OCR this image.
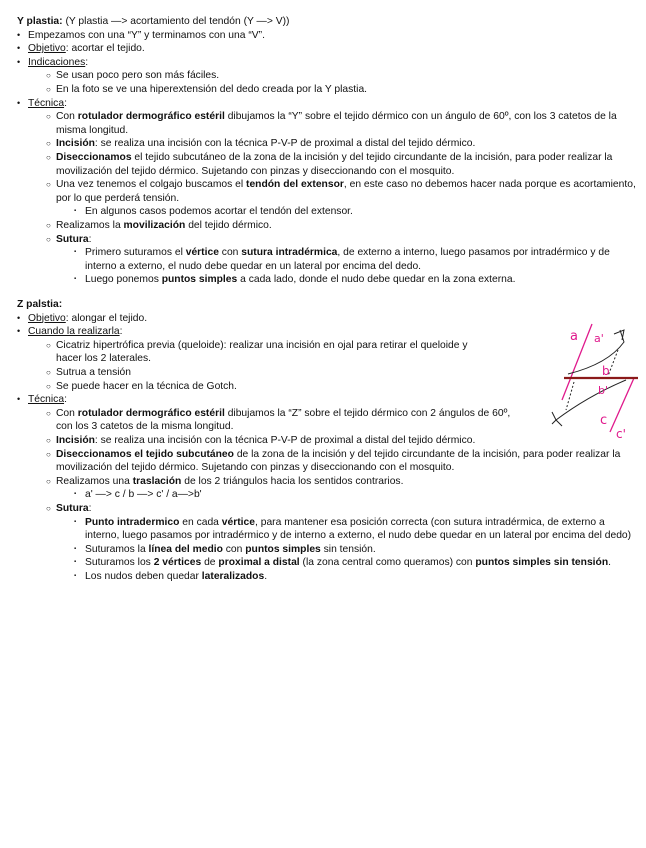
Y plastia: (Y plastia —> acortamiento del tendón (Y —> V))
• Empezamos con una “Y” y terminamos con una “V”.
• Objetivo: acortar el tejido.
• Indicaciones:
○ Se usan poco pero son más fáciles.
○ En la foto se ve una hiperextensión del dedo creada por la Y plastia.
• Técnica:
○ Con rotulador dermográfico estéril dibujamos la “Y” sobre el tejido dérmico con un ángulo de 60º, con los 3 catetos de la misma longitud.
○ Incisión: se realiza una incisión con la técnica P-V-P de proximal a distal del tejido dérmico.
○ Diseccionamos el tejido subcutáneo de la zona de la incisión y del tejido circundante de la incisión, para poder realizar la movilización del tejido dérmico. Sujetando con pinzas y diseccionando con el mosquito.
○ Una vez tenemos el colgajo buscamos el tendón del extensor, en este caso no debemos hacer nada porque es acortamiento, por lo que perderá tensión.
▪ En algunos casos podemos acortar el tendón del extensor.
○ Realizamos la movilización del tejido dérmico.
○ Sutura:
▪ Primero suturamos el vértice con sutura intradérmica, de externo a interno, luego pasamos por intradérmico y de interno a externo, el nudo debe quedar en un lateral por encima del dedo.
▪ Luego ponemos puntos simples a cada lado, donde el nudo debe quedar en la zona externa.
Z palstia:
• Objetivo: alongar el tejido.
• Cuando la realizarla:
○ Cicatriz hipertrófica previa (queloide): realizar una incisión en ojal para retirar el queloide y hacer los 2 laterales.
○ Sutrua a tensión
○ Se puede hacer en la técnica de Gotch.
• Técnica:
○ Con rotulador dermográfico estéril dibujamos la “Z” sobre el tejido dérmico con 2 ángulos de 60º, con los 3 catetos de la misma longitud.
○ Incisión: se realiza una incisión con la técnica P-V-P de proximal a distal del tejido dérmico.
○ Diseccionamos el tejido subcutáneo de la zona de la incisión y del tejido circundante de la incisión, para poder realizar la movilización del tejido dérmico. Sujetando con pinzas y diseccionando con el mosquito.
○ Realizamos una traslación de los 2 triángulos hacia los sentidos contrarios.
▪ a' —> c / b —> c' / a—>b'
○ Sutura:
▪ Punto intradermico en cada vértice, para mantener esa posición correcta (con sutura intradérmica, de externo a interno, luego pasamos por intradérmico y de interno a externo, el nudo debe quedar en un lateral por encima del dedo)
▪ Suturamos la línea del medio con puntos simples sin tensión.
▪ Suturamos los 2 vértices de proximal a distal (la zona central como queramos) con puntos simples sin tensión.
▪ Los nudos deben quedar lateralizados.
a a'
b
b'
c
c'
